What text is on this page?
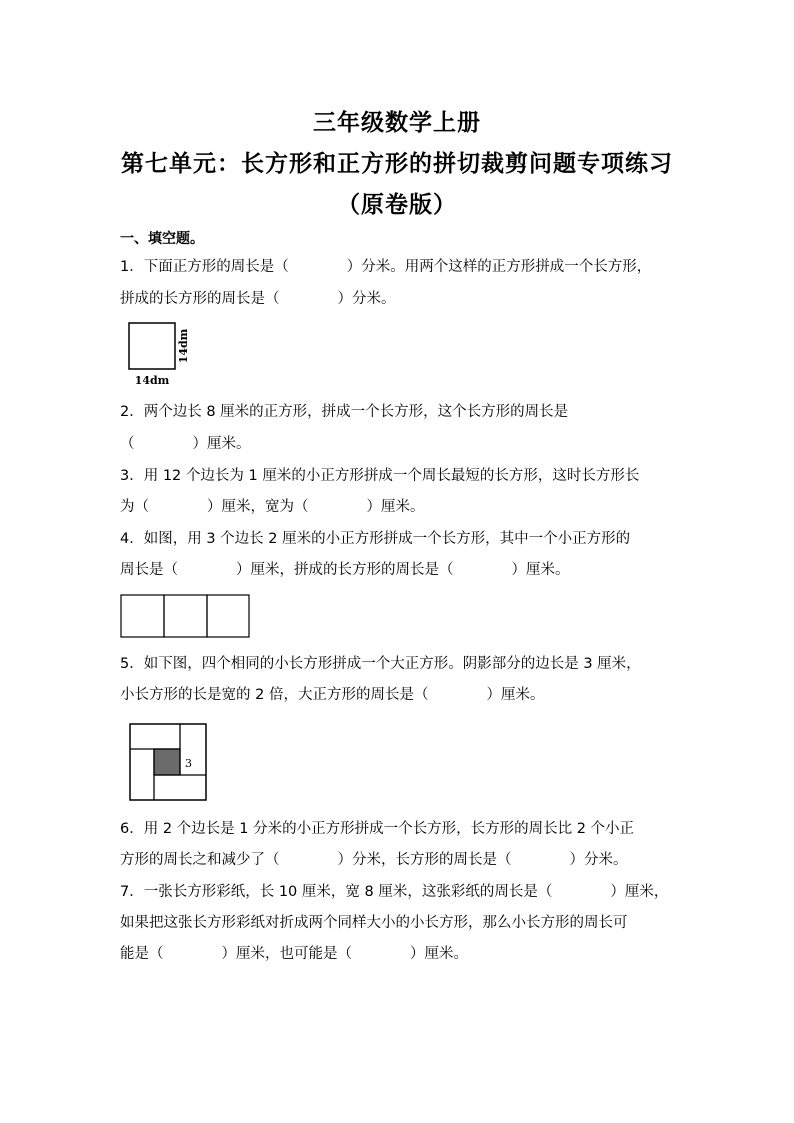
三年级数学上册
第七单元：长方形和正方形的拼切裁剪问题专项练习
（原卷版）
一、填空题。
1．下面正方形的周长是（	）分米。用两个这样的正方形拼成一个长方形，
拼成的长方形的周长是（	）分米。
14dm
14dm
2．两个边长 8 厘米的正方形，拼成一个长方形，这个长方形的周长是
（	）厘米。
3．用 12 个边长为 1 厘米的小正方形拼成一个周长最短的长方形，这时长方形长
为（	）厘米，宽为（	）厘米。
4．如图，用 3 个边长 2 厘米的小正方形拼成一个长方形，其中一个小正方形的
周长是（	）厘米，拼成的长方形的周长是（	）厘米。
5．如下图，四个相同的小长方形拼成一个大正方形。阴影部分的边长是 3 厘米，
小长方形的长是宽的 2 倍，大正方形的周长是（	）厘米。
3
6．用 2 个边长是 1 分米的小正方形拼成一个长方形，长方形的周长比 2 个小正
方形的周长之和减少了（	）分米，长方形的周长是（	）分米。
7．一张长方形彩纸，长 10 厘米，宽 8 厘米，这张彩纸的周长是（	）厘米，
如果把这张长方形彩纸对折成两个同样大小的小长方形，那么小长方形的周长可
能是（	）厘米，也可能是（	）厘米。
